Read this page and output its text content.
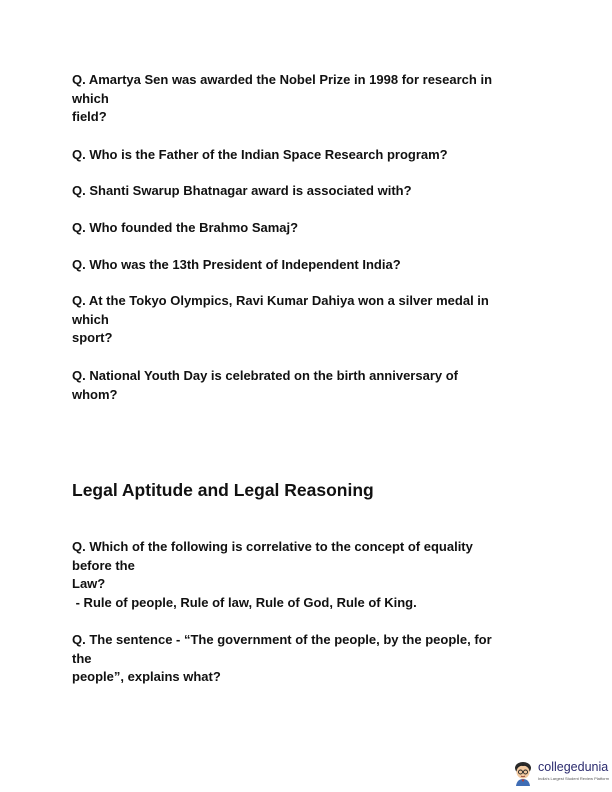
Q. Amartya Sen was awarded the Nobel Prize in 1998 for research in
which
field?
Q. Who is the Father of the Indian Space Research program?
Q. Shanti Swarup Bhatnagar award is associated with?
Q. Who founded the Brahmo Samaj?
Q. Who was the 13th President of Independent India?
Q. At the Tokyo Olympics, Ravi Kumar Dahiya won a silver medal in
which
sport?
Q. National Youth Day is celebrated on the birth anniversary of
whom?
Legal Aptitude and Legal Reasoning
Q. Which of the following is correlative to the concept of equality
before the
Law?
- Rule of people, Rule of law, Rule of God, Rule of King.
Q. The sentence - “The government of the people, by the people, for
the
people”, explains what?
collegedunia
India's Largest Student Review Platform
